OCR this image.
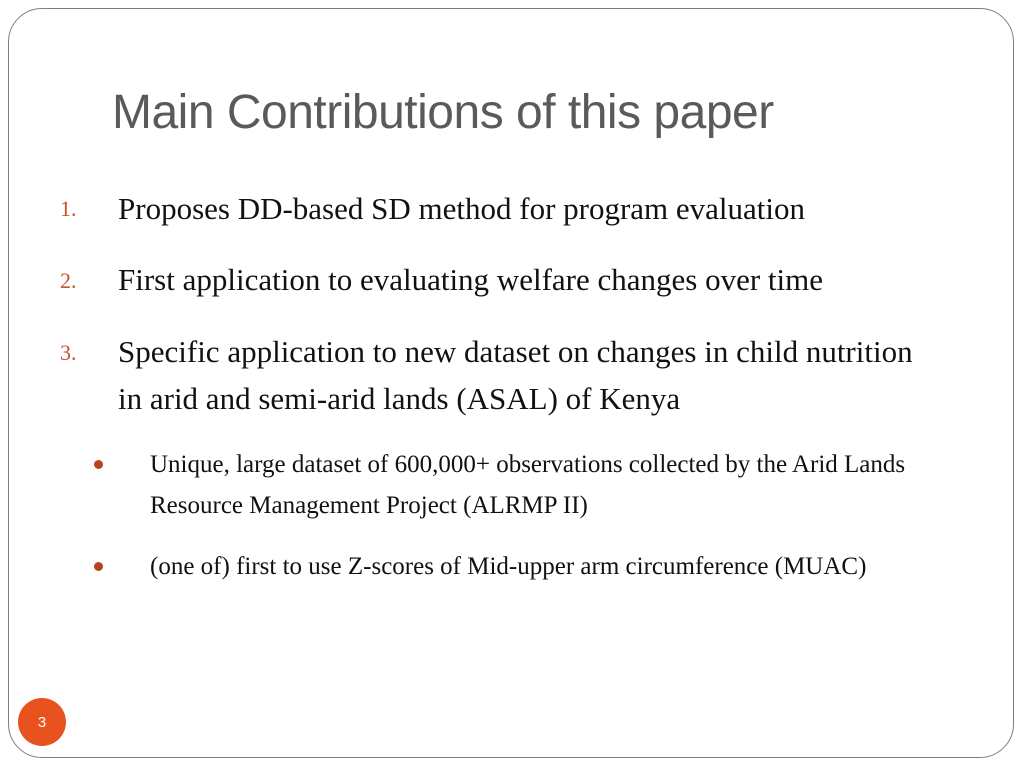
Main Contributions of this paper
1. Proposes DD-based SD method for program evaluation
2. First application to evaluating welfare changes over time
3. Specific application to new dataset on changes in child nutrition in arid and semi-arid lands (ASAL) of Kenya
Unique, large dataset of 600,000+ observations collected by the Arid Lands Resource Management Project (ALRMP II)
(one of) first to use Z-scores of Mid-upper arm circumference (MUAC)
3
